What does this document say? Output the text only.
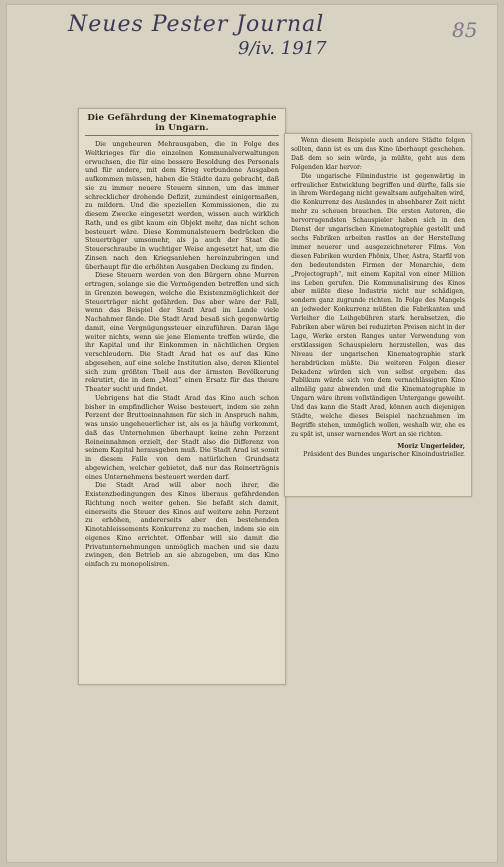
Neues Pester Journal
9/iv. 1917
85
Die Gefährdung der Kinematographie in Ungarn.

Die ungeheuren Mehrausgaben, die in Folge des Weltkrieges für die einzelnen Kommunalverwaltungen erwuchsen, die für eine bessere Besoldung des Personals und für andere, mit dem Krieg verbundene Ausgaben aufkommen müssen, haben die Städte dazu gebracht, daß sie zu immer neuere Steuern sinnen, um das immer schrecklicher drohende Defizit, zumindest einigermaßen, zu mildern. Und die speziellen Kommissionen, die zu diesem Zwecke eingesetzt werden, wissen auch wirklich Rath, und es gibt kaum ein Objekt mehr, das nicht schon besteuert wäre. Diese Kommunalsteuern bedrücken die Steuerträger umsomehr, als ja auch der Staat die Steuerschraube in wuchtiger Weise angesetzt hat, um die Zinsen nach den Kriegsanlehen hereinzubringen und überhaupt für die erhöhten Ausgaben Deckung zu finden.

Diese Steuern werden von den Bürgern ohne Murren ertragen, solange sie die Vermögenden betreffen und sich in Grenzen bewegen, welche die Existenzmöglichkeit der Steuerträger nicht gefährden. Das aber wäre der Fall, wenn das Beispiel der Stadt Arad im Lande viele Nachahmer fände. Die Stadt Arad besaß sich gegenwärtig damit, eine Vergnügungssteuer einzuführen. Daran läge weiter nichts, wenn sie jene Elemente treffen würde, die ihr Kapital und ihr Einkommen in nächtlichen Orgien verschleudern. Die Stadt Arad hat es auf das Kino abgesehen, auf eine solche Institution also, deren Klientel sich zum größten Theil aus der ärmsten Bevölkerung rekrutirt, die in dem „Mozi“ einen Ersatz für das theure Theater sucht und findet.

Uebrigens hat die Stadt Arad das Kino auch schon bisher in empfindlicher Weise besteuert, indem sie zehn Perzent der Bruttoeinnahmen für sich in Anspruch nahm, was unsio ungeheuerlicher ist, als es ja häufig vorkommt, daß das Unternehmen überhaupt keine zehn Perzent Reineinnahmen erzielt, der Stadt also die Differenz von seinem Kapital herausgeben muß. Die Stadt Arad ist somit in diesem Falle von dem natürlichen Grundsatz abgewichen, welcher gebietet, daß nur das Reinerträgnis eines Unternehmens besteuert werden darf.

Die Stadt Arad will aber noch ihrer, die Existenzbedingungen des Kinos überaus gefährdenden Richtung noch weiter gehen. Sie befaßt sich damit, einerseits die Steuer des Kinos auf weitere zehn Perzent zu erhöhen, andererseits aber den bestehenden Kinotableissements Konkurrenz zu machen, indem sie ein eigenes Kino errichtet. Offenbar will sie damit die Privatunternehmungen unmöglich machen und sie dazu zwingen, den Betrieb an sie abzugeben, um das Kino einfach zu monopolisiren.

Wenn diesem Beispiele auch andere Städte folgen sollten, dann ist es um das Kino überhaupt geschehen. Daß dem so sein würde, ja müßte, geht aus dem Folgenden klar hervor:

Die ungarische Filmindustrie ist gegenwärtig in erfreulicher Entwicklung begriffen und dürfte, falls sie in ihrem Werdegang nicht gewaltsam aufgehalten wird, die Konkurrenz des Auslandes in absehbarer Zeit nicht mehr zu scheuen brauchen. Die ersten Autoren, die hervorragendsten Schauspieler haben sich in den Dienst der ungarischen Kinematographie gestellt und sechs Fabriken arbeiten rastlos an der Herstellung immer neuerer und ausgezeichneterer Films. Von diesen Fabriken wurden Phönix, Uher, Astra, Starfil von den bedeutendsten Firmen der Monarchie, dem „Projectograph“, mit einem Kapital von einer Million ins Leben gerufen. Die Kommunalisirung des Kinos aber müßte diese Industrie nicht nur schädigen, sondern ganz zugrunde richten. In Folge des Mangels an jedweder Konkurrenz müßten die Fabrikanten und Verleiher die Leihgebühren stark herabsetzen, die Fabriken aber wären bei reduzirten Preisen nicht in der Lage, Werke ersten Ranges unter Verwendung von erstklassigen Schauspielern herzustellen, was das Niveau der ungarischen Kinematographie stark herabdrücken müßte. Die weiteren Folgen dieser Dekadenz würden sich von selbst ergeben: das Publikum würde sich von dem vernachlässigten Kino allmälig ganz abwenden und die Kinematographie in Ungarn wäre ihrem vollständigen Untergange geweiht. Und das kann die Stadt Arad, können auch diejenigen Städte, welche dieses Beispiel nachzuahmen im Begriffe stehen, unmöglich wollen, weshalb wir, ehe es zu spät ist, unser warnendes Wort an sie richten.

Moriz Ungerleider,
Präsident des Bundes ungarischer Kinoindustrieller.
